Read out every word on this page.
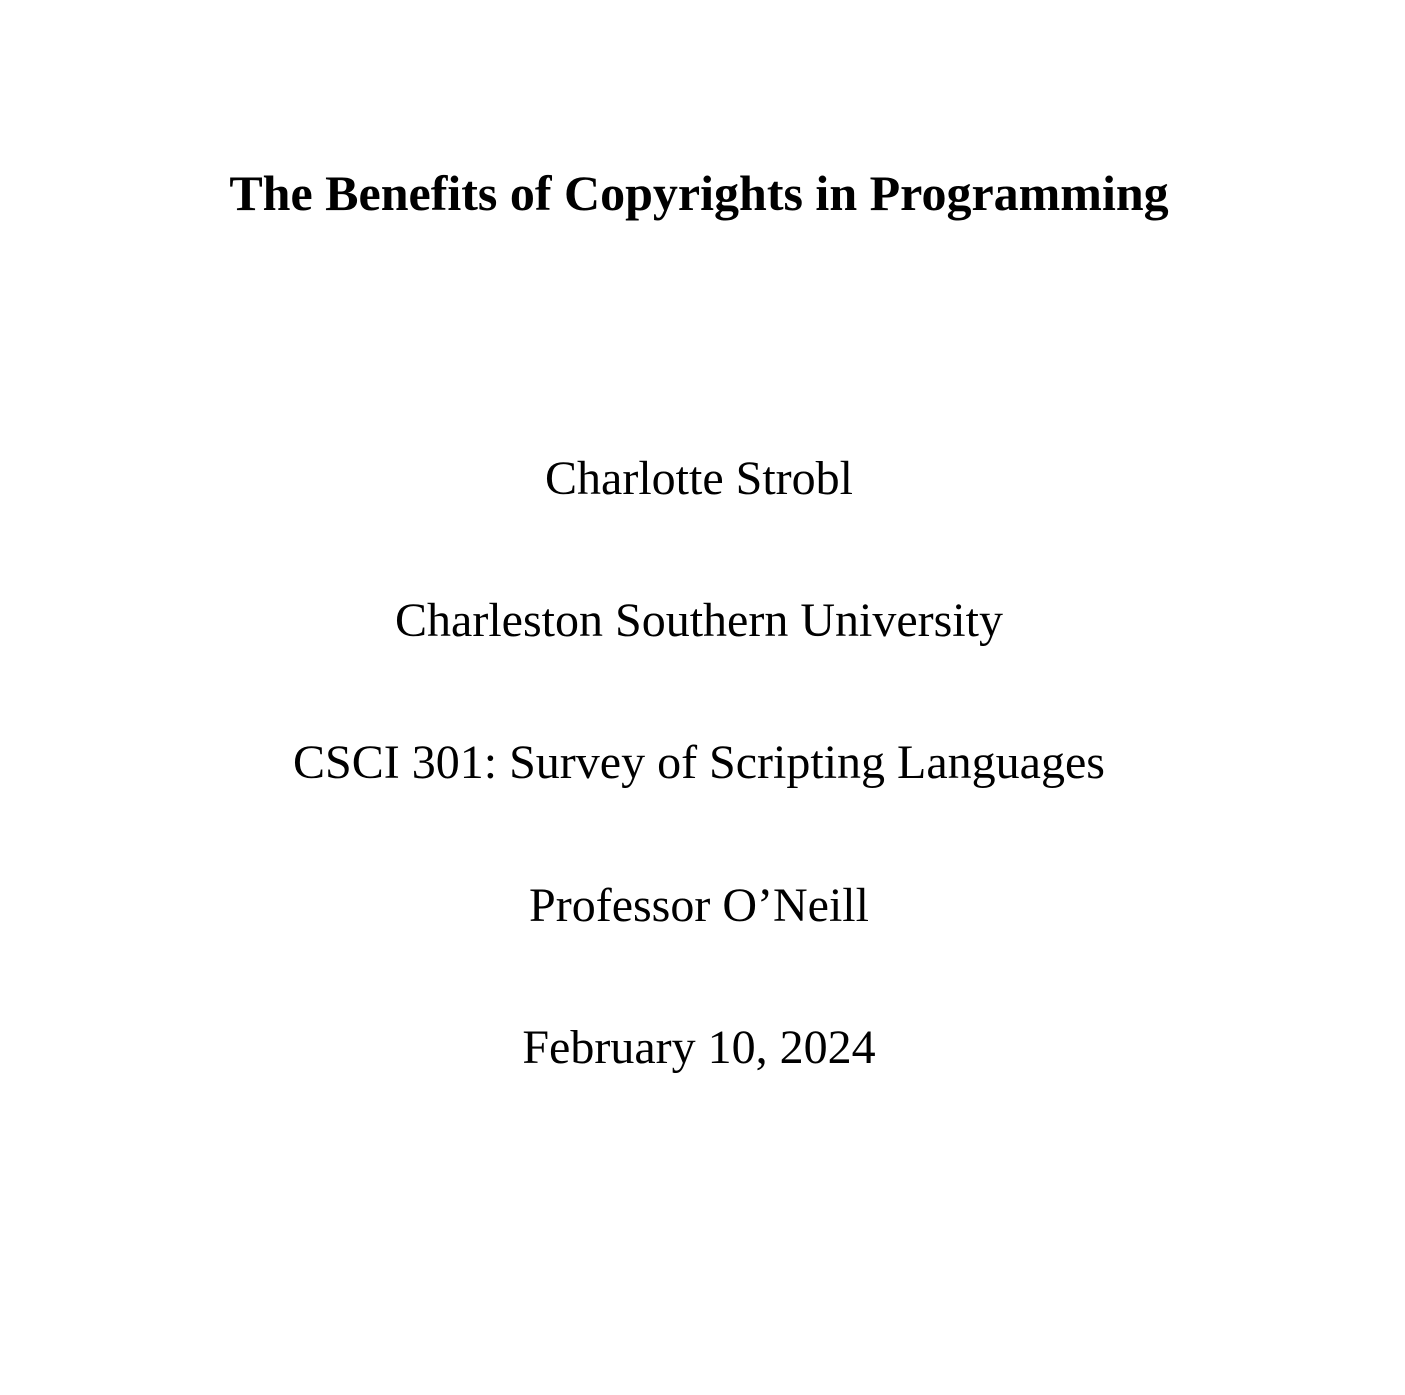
The Benefits of Copyrights in Programming
Charlotte Strobl
Charleston Southern University
CSCI 301: Survey of Scripting Languages
Professor O’Neill
February 10, 2024
